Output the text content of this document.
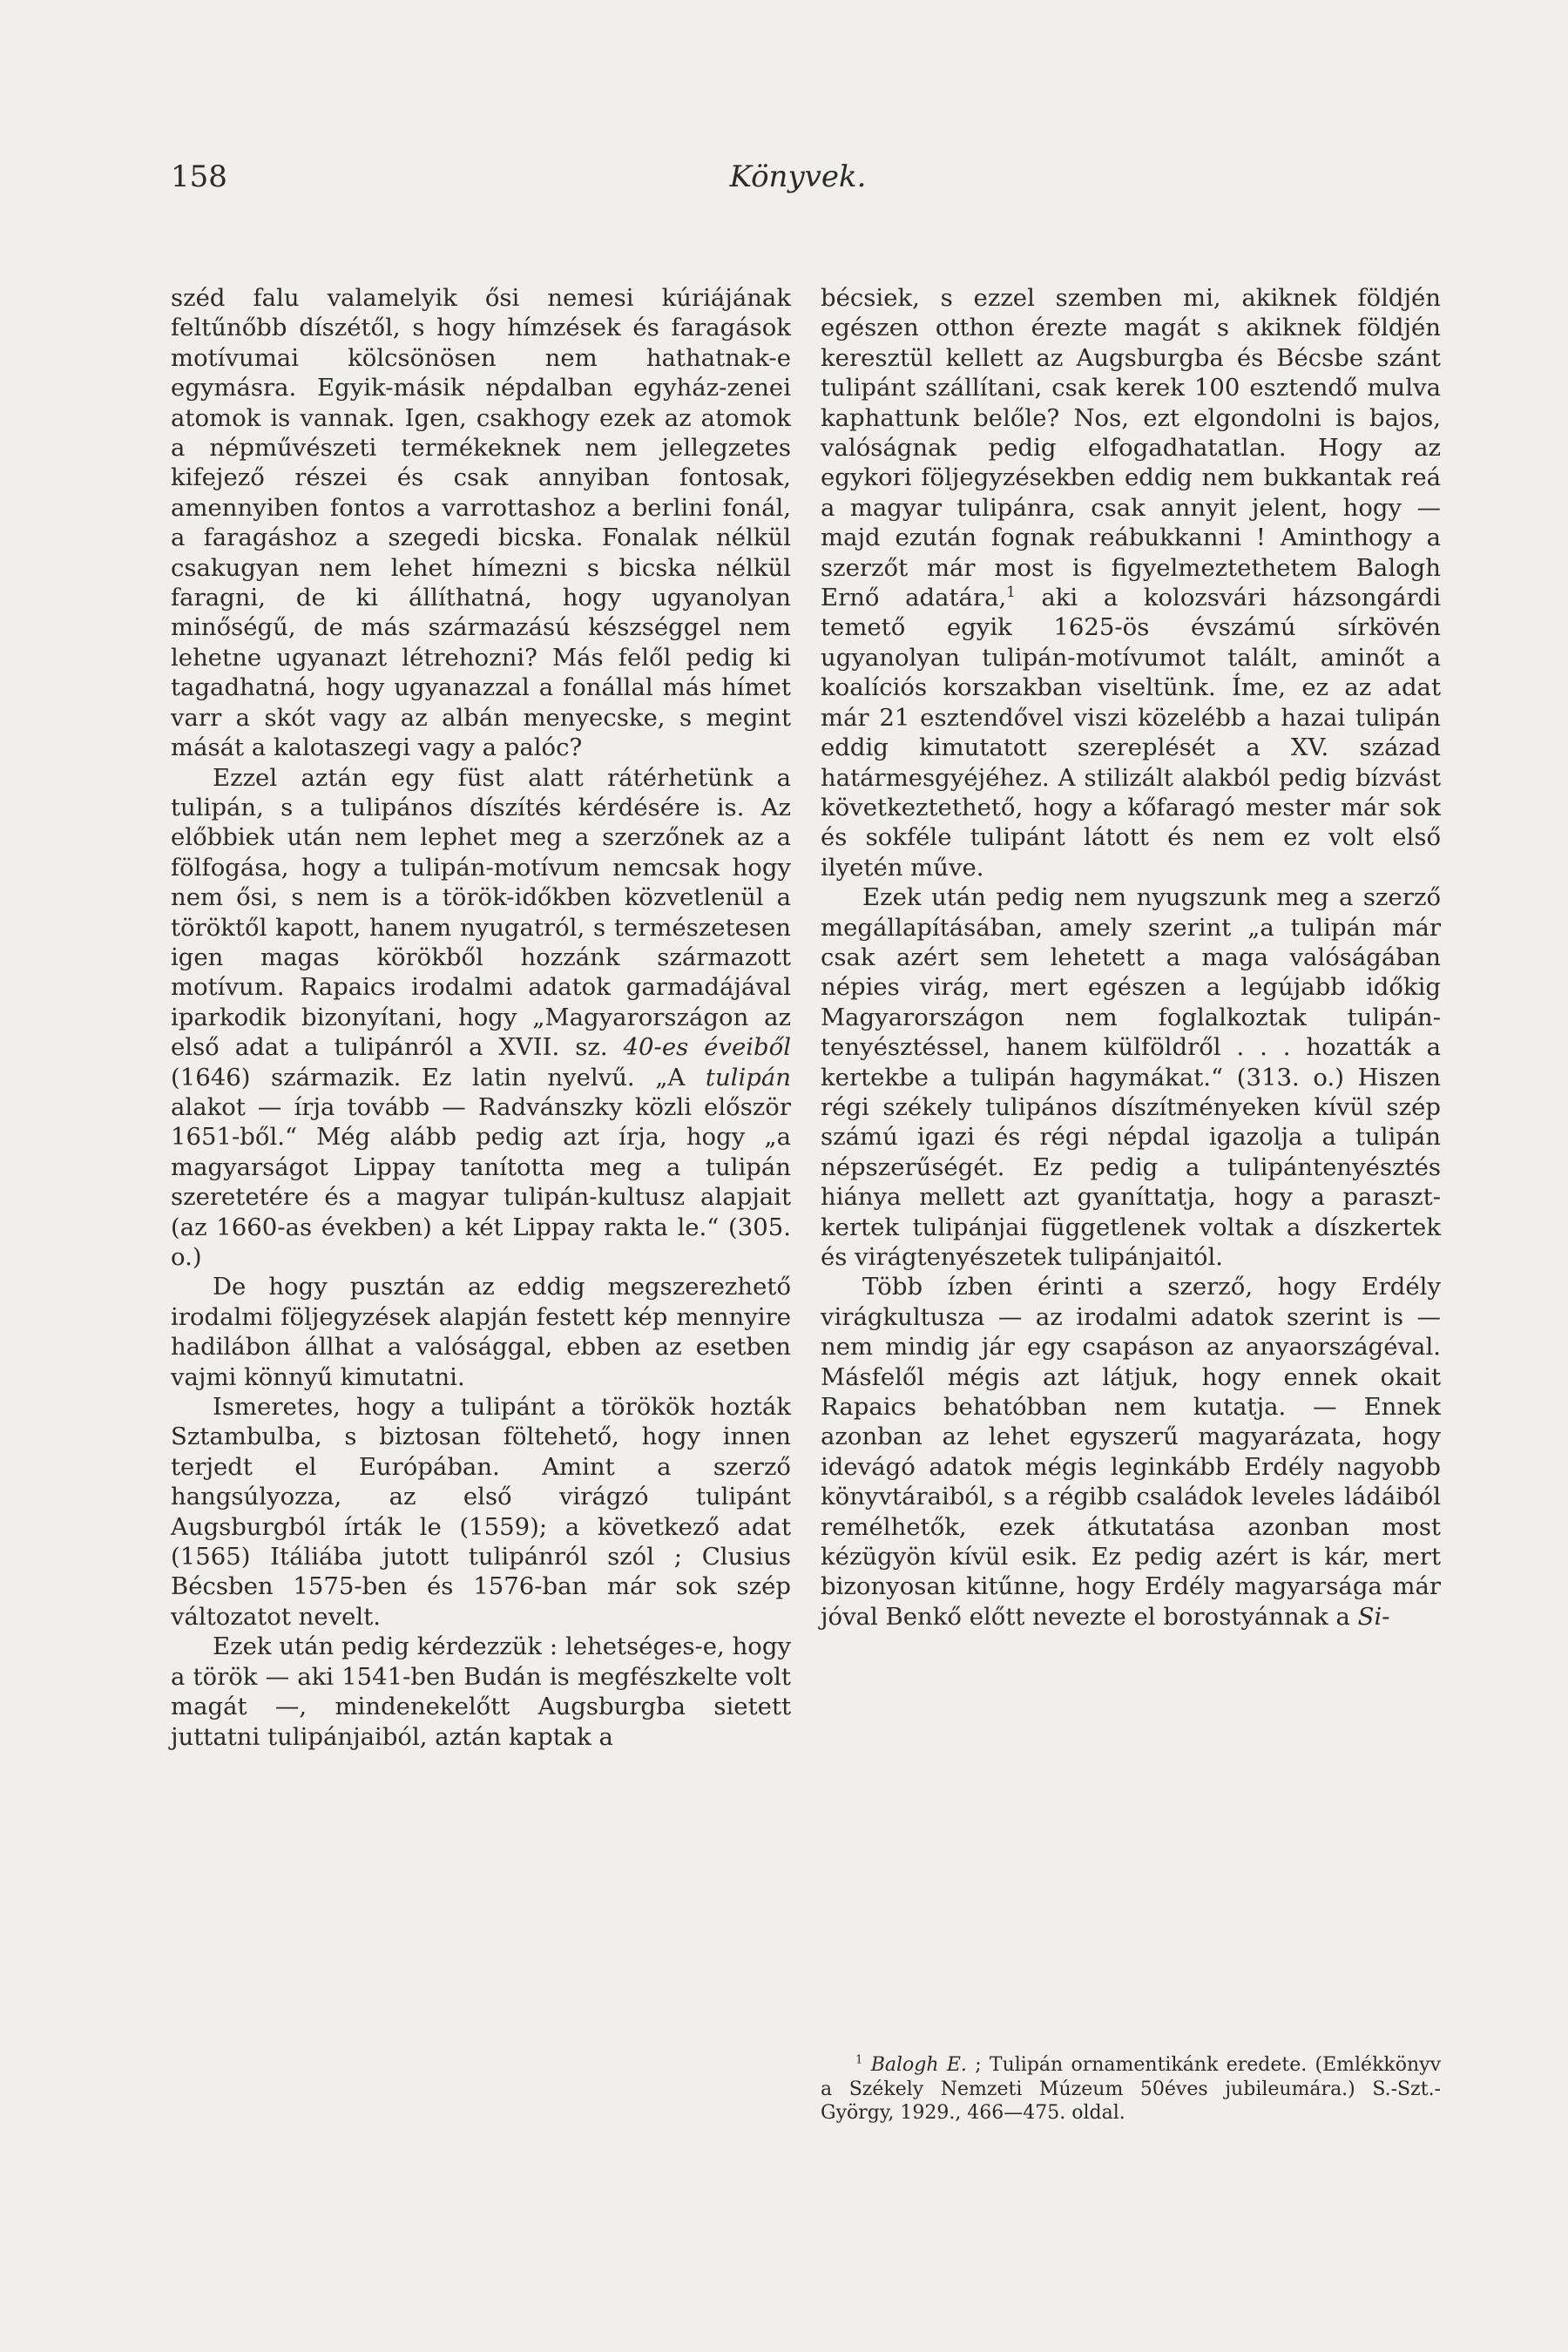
158	Könyvek.

széd falu valamelyik ősi nemesi kúriájának feltűnőbb díszétől, s hogy hímzések és faragások motívumai kölcsönösen nem hathatnak-e egymásra. Egyik-másik népdalban egyház-zenei atomok is vannak. Igen, csakhogy ezek az atomok a népművészeti termékeknek nem jellegzetes kifejező részei és csak annyiban fontosak, amennyiben fontos a varrottashoz a berlini fonál, a faragáshoz a szegedi bicska. Fonalak nélkül csakugyan nem lehet hímezni s bicska nélkül faragni, de ki állíthatná, hogy ugyanolyan minőségű, de más származású készséggel nem lehetne ugyanazt létrehozni? Más felől pedig ki tagadhatná, hogy ugyanazzal a fonállal más hímet varr a skót vagy az albán menyecske, s megint mását a kalotaszegi vagy a palóc?

Ezzel aztán egy füst alatt rátérhetünk a tulipán, s a tulipános díszítés kérdésére is. Az előbbiek után nem lephet meg a szerzőnek az a fölfogása, hogy a tulipán-motívum nemcsak hogy nem ősi, s nem is a török-időkben közvetlenül a töröktől kapott, hanem nyugatról, s természetesen igen magas körökből hozzánk származott motívum. Rapaics irodalmi adatok garmadájával iparkodik bizonyítani, hogy „Magyarországon az első adat a tulipánról a XVII. sz. 40-es éveiből (1646) származik. Ez latin nyelvű. „A tulipán alakot — írja tovább — Radvánszky közli először 1651-ből.“ Még alább pedig azt írja, hogy „a magyarságot Lippay tanította meg a tulipán szeretetére és a magyar tulipán-kultusz alapjait (az 1660-as években) a két Lippay rakta le.“ (305. o.)

De hogy pusztán az eddig megszerezhető irodalmi följegyzések alapján festett kép mennyire hadilábon állhat a valósággal, ebben az esetben vajmi könnyű kimutatni.

Ismeretes, hogy a tulipánt a törökök hozták Sztambulba, s biztosan föltehető, hogy innen terjedt el Európában. Amint a szerző hangsúlyozza, az első virágzó tulipánt Augsburgból írták le (1559); a következő adat (1565) Itáliába jutott tulipánról szól ; Clusius Bécsben 1575-ben és 1576-ban már sok szép változatot nevelt.

Ezek után pedig kérdezzük : lehetséges-e, hogy a török — aki 1541-ben Budán is megfészkelte volt magát —, mindenekelőtt Augsburgba sietett juttatni tulipánjaiból, aztán kaptak a

bécsiek, s ezzel szemben mi, akiknek földjén egészen otthon érezte magát s akiknek földjén keresztül kellett az Augsburgba és Bécsbe szánt tulipánt szállítani, csak kerek 100 esztendő mulva kaphattunk belőle? Nos, ezt elgondolni is bajos, valóságnak pedig elfogadhatatlan. Hogy az egykori följegyzésekben eddig nem bukkantak reá a magyar tulipánra, csak annyit jelent, hogy — majd ezután fognak reábukkanni ! Aminthogy a szerzőt már most is figyelmeztethetem Balogh Ernő adatára,$^1$ aki a kolozsvári házsongárdi temető egyik 1625-ös évszámú sírkövén ugyanolyan tulipán-motívumot talált, aminőt a koalíciós korszakban viseltünk. Íme, ez az adat már 21 esztendővel viszi közelébb a hazai tulipán eddig kimutatott szereplését a XV. század határmesgyéjéhez. A stilizált alakból pedig bízvást következtethető, hogy a kőfaragó mester már sok és sokféle tulipánt látott és nem ez volt első ilyetén műve.

Ezek után pedig nem nyugszunk meg a szerző megállapításában, amely szerint „a tulipán már csak azért sem lehetett a maga valóságában népies virág, mert egészen a legújabb időkig Magyarországon nem foglalkoztak tulipán-tenyésztéssel, hanem külföldről . . . hozatták a kertekbe a tulipán hagymákat.“ (313. o.) Hiszen régi székely tulipános díszítményeken kívül szép számú igazi és régi népdal igazolja a tulipán népszerűségét. Ez pedig a tulipántenyésztés hiánya mellett azt gyaníttatja, hogy a paraszt-kertek tulipánjai függetlenek voltak a díszkertek és virágtenyészetek tulipánjaitól.

Több ízben érinti a szerző, hogy Erdély virágkultusza — az irodalmi adatok szerint is — nem mindig jár egy csapáson az anyaországéval. Másfelől mégis azt látjuk, hogy ennek okait Rapaics behatóbban nem kutatja. — Ennek azonban az lehet egyszerű magyarázata, hogy idevágó adatok mégis leginkább Erdély nagyobb könyvtáraiból, s a régibb családok leveles ládáiból remélhetők, ezek átkutatása azonban most kézügyön kívül esik. Ez pedig azért is kár, mert bizonyosan kitűnne, hogy Erdély magyarsága már jóval Benkő előtt nevezte el borostyánnak a Si-

$^1$ Balogh E. ; Tulipán ornamentikánk eredete. (Emlékkönyv a Székely Nemzeti Múzeum 50éves jubileumára.) S.-Szt.-György, 1929., 466—475. oldal.
